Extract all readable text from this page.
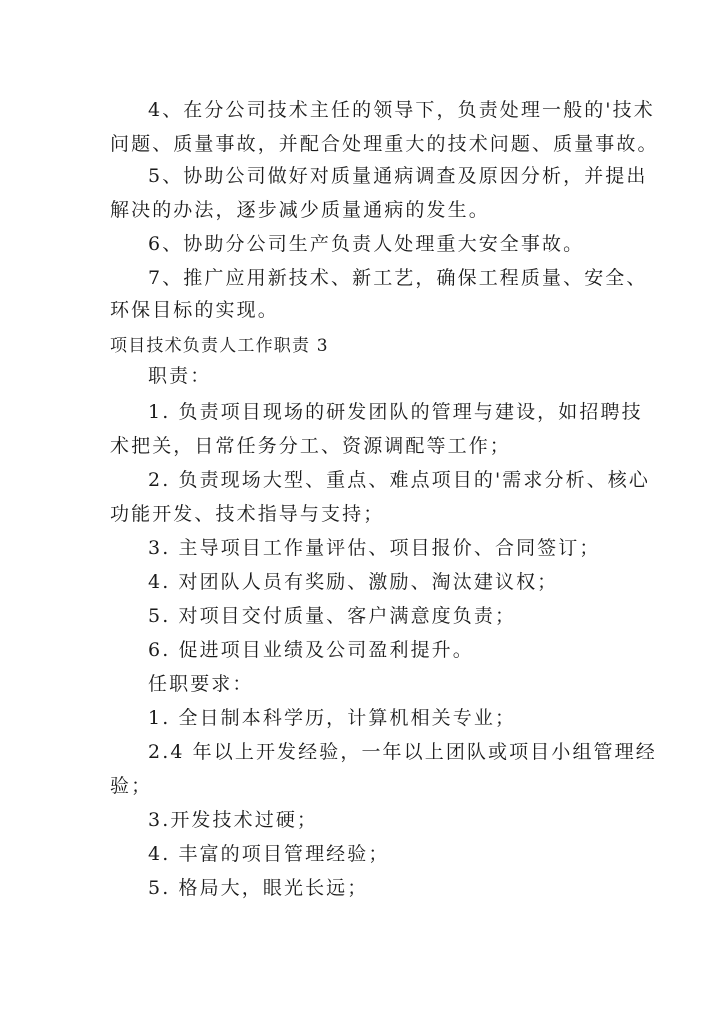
4、在分公司技术主任的领导下，负责处理一般的'技术
问题、质量事故，并配合处理重大的技术问题、质量事故。
5、协助公司做好对质量通病调查及原因分析，并提出
解决的办法，逐步减少质量通病的发生。
6、协助分公司生产负责人处理重大安全事故。
7、推广应用新技术、新工艺，确保工程质量、安全、
环保目标的实现。
项目技术负责人工作职责 3
职责：
1. 负责项目现场的研发团队的管理与建设，如招聘技
术把关，日常任务分工、资源调配等工作；
2. 负责现场大型、重点、难点项目的'需求分析、核心
功能开发、技术指导与支持；
3. 主导项目工作量评估、项目报价、合同签订；
4. 对团队人员有奖励、激励、淘汰建议权；
5. 对项目交付质量、客户满意度负责；
6. 促进项目业绩及公司盈利提升。
任职要求：
1. 全日制本科学历，计算机相关专业；
2.4 年以上开发经验，一年以上团队或项目小组管理经
验；
3.开发技术过硬；
4. 丰富的项目管理经验；
5. 格局大，眼光长远；
